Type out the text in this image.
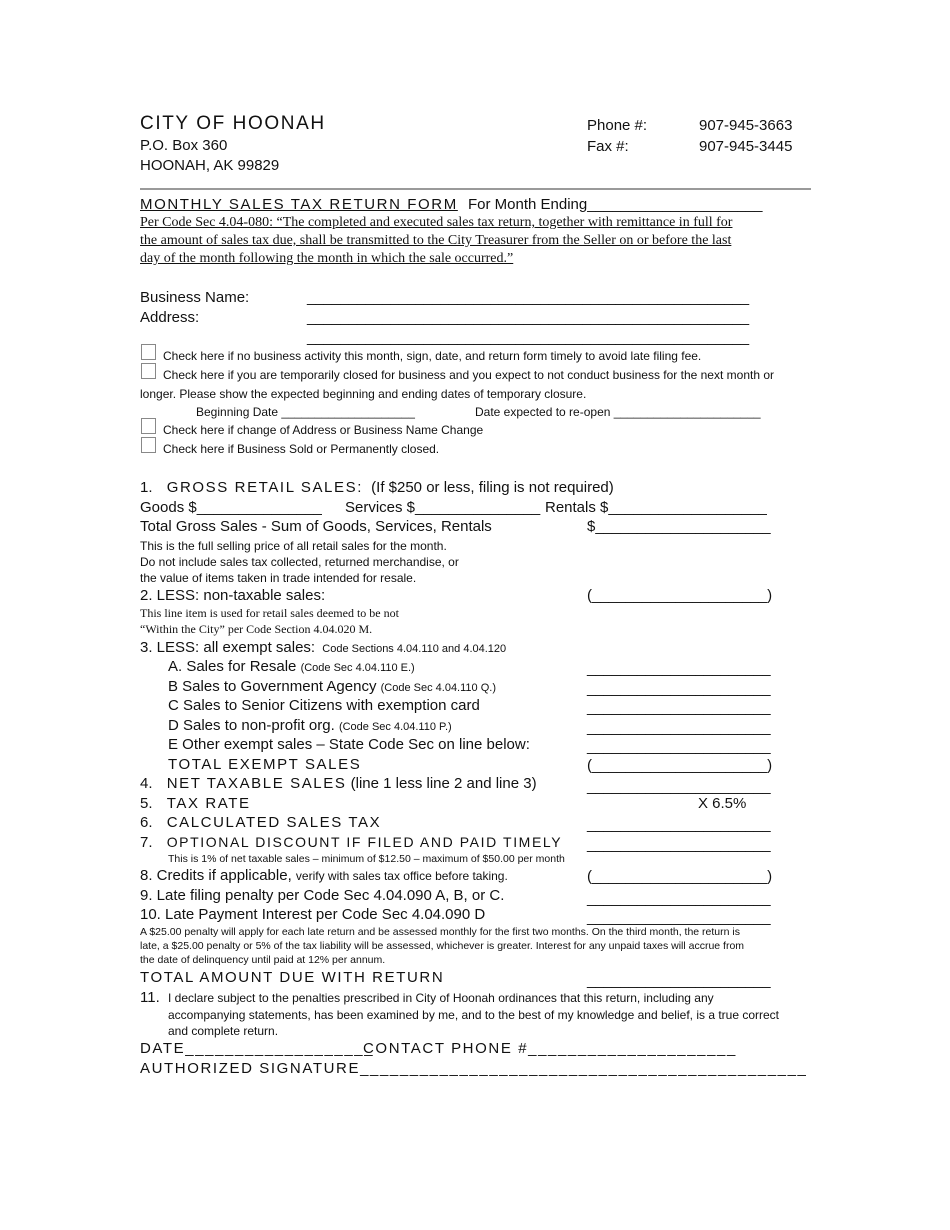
CITY OF HOONAH
P.O. Box 360
HOONAH, AK 99829
Phone #:	907-945-3663
Fax #:	907-945-3445
MONTHLY SALES TAX RETURN FORM For Month Ending_____________________
Per Code Sec 4.04-080: “The completed and executed sales tax return, together with remittance in full for
the amount of sales tax due, shall be transmitted to the City Treasurer from the Seller on or before the last
day of the month following the month in which the sale occurred.”
Business Name:	_____________________________________________________
Address:	_____________________________________________________
_____________________________________________________
Check here if no business activity this month, sign, date, and return form timely to avoid late filing fee.
Check here if you are temporarily closed for business and you expect to not conduct business for the next month or
longer. Please show the expected beginning and ending dates of temporary closure.
Beginning Date ____________________	Date expected to re-open ______________________
Check here if change of Address or Business Name Change
Check here if Business Sold or Permanently closed.
1. GROSS RETAIL SALES: (If $250 or less, filing is not required)
Goods $_______________ Services $_______________ Rentals $___________________
Total Gross Sales - Sum of Goods, Services, Rentals	$_____________________
This is the full selling price of all retail sales for the month.
Do not include sales tax collected, returned merchandise, or
the value of items taken in trade intended for resale.
2. LESS: non-taxable sales:	(_____________________)
This line item is used for retail sales deemed to be not
“Within the City” per Code Section 4.04.020 M.
3. LESS: all exempt sales: Code Sections 4.04.110 and 4.04.120
A. Sales for Resale (Code Sec 4.04.110 E.)	______________________
B Sales to Government Agency (Code Sec 4.04.110 Q.)	______________________
C Sales to Senior Citizens with exemption card	______________________
D Sales to non-profit org. (Code Sec 4.04.110 P.)	______________________
E Other exempt sales – State Code Sec on line below:	______________________
TOTAL EXEMPT SALES	(_____________________)
4. NET TAXABLE SALES (line 1 less line 2 and line 3)	______________________
5. TAX RATE	X 6.5%
6. CALCULATED SALES TAX	______________________
7. OPTIONAL DISCOUNT IF FILED AND PAID TIMELY ______________________
This is 1% of net taxable sales – minimum of $12.50 – maximum of $50.00 per month
8. Credits if applicable, verify with sales tax office before taking.	(_____________________)
9. Late filing penalty per Code Sec 4.04.090 A, B, or C.	______________________
10. Late Payment Interest per Code Sec 4.04.090 D	______________________
A $25.00 penalty will apply for each late return and be assessed monthly for the first two months. On the third month, the return is
late, a $25.00 penalty or 5% of the tax liability will be assessed, whichever is greater. Interest for any unpaid taxes will accrue from
the date of delinquency until paid at 12% per annum.
TOTAL AMOUNT DUE WITH RETURN	______________________
11. I declare subject to the penalties prescribed in City of Hoonah ordinances that this return, including any
accompanying statements, has been examined by me, and to the best of my knowledge and belief, is a true correct
and complete return.
DATE___________________
CONTACT PHONE #_____________________
AUTHORIZED SIGNATURE_____________________________________________
